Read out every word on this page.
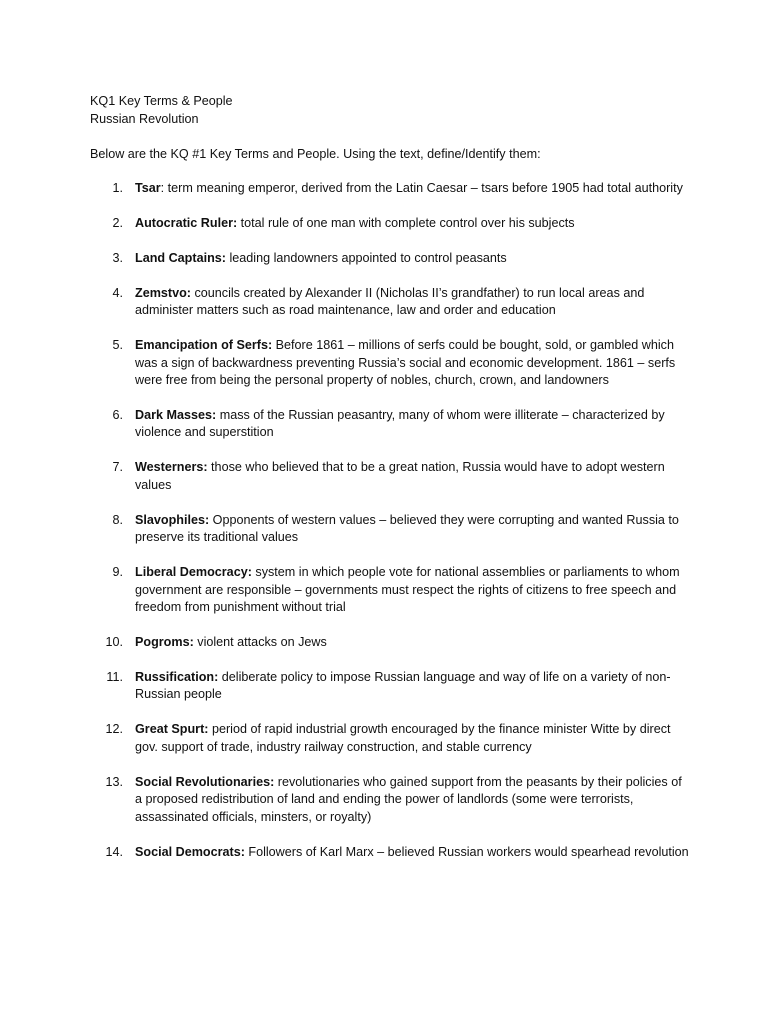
KQ1 Key Terms & People

Russian Revolution

Below are the KQ #1 Key Terms and People. Using the text, define/Identify them:

1. Tsar: term meaning emperor, derived from the Latin Caesar – tsars before 1905 had total authority
2. Autocratic Ruler: total rule of one man with complete control over his subjects
3. Land Captains: leading landowners appointed to control peasants
4. Zemstvo: councils created by Alexander II (Nicholas II’s grandfather) to run local areas and administer matters such as road maintenance, law and order and education
5. Emancipation of Serfs: Before 1861 – millions of serfs could be bought, sold, or gambled which was a sign of backwardness preventing Russia’s social and economic development. 1861 – serfs were free from being the personal property of nobles, church, crown, and landowners
6. Dark Masses: mass of the Russian peasantry, many of whom were illiterate – characterized by violence and superstition
7. Westerners: those who believed that to be a great nation, Russia would have to adopt western values
8. Slavophiles: Opponents of western values – believed they were corrupting and wanted Russia to preserve its traditional values
9. Liberal Democracy: system in which people vote for national assemblies or parliaments to whom government are responsible – governments must respect the rights of citizens to free speech and freedom from punishment without trial
10. Pogroms: violent attacks on Jews
11. Russification: deliberate policy to impose Russian language and way of life on a variety of non-Russian people
12. Great Spurt: period of rapid industrial growth encouraged by the finance minister Witte by direct gov. support of trade, industry railway construction, and stable currency
13. Social Revolutionaries: revolutionaries who gained support from the peasants by their policies of a proposed redistribution of land and ending the power of landlords (some were terrorists, assassinated officials, minsters, or royalty)
14. Social Democrats: Followers of Karl Marx – believed Russian workers would spearhead revolution
